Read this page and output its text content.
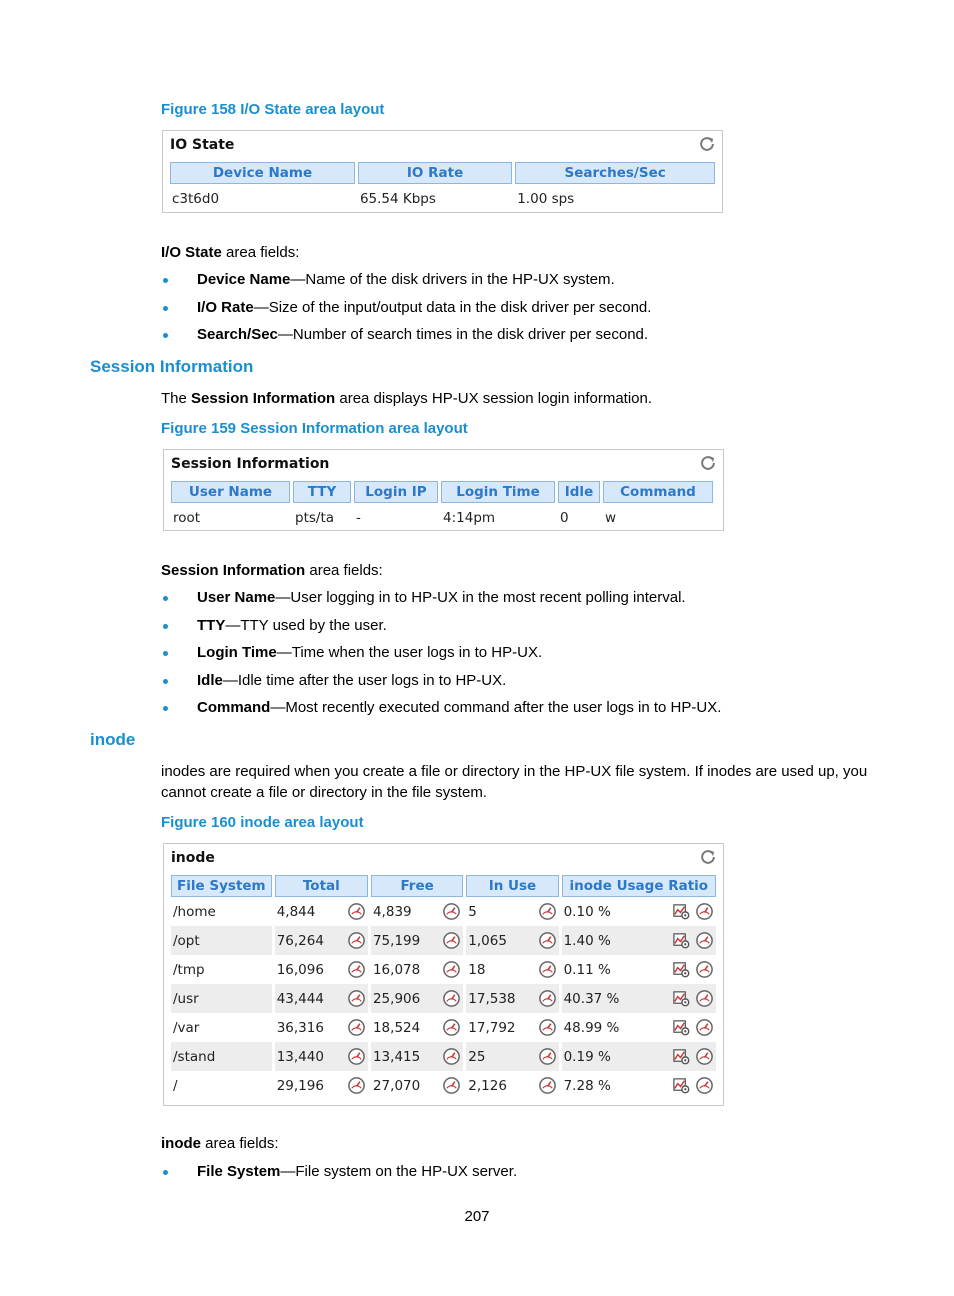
Figure 158 I/O State area layout
IO State
Device Name	IO Rate	Searches/Sec
c3t6d0	65.54 Kbps	1.00 sps
I/O State area fields:
Device Name—Name of the disk drivers in the HP-UX system.
I/O Rate—Size of the input/output data in the disk driver per second.
Search/Sec—Number of search times in the disk driver per second.
Session Information
The Session Information area displays HP-UX session login information.
Figure 159 Session Information area layout
Session Information
User Name	TTY	Login IP	Login Time	Idle	Command
root	pts/ta	-	4:14pm	0	w
Session Information area fields:
User Name—User logging in to HP-UX in the most recent polling interval.
TTY—TTY used by the user.
Login Time—Time when the user logs in to HP-UX.
Idle—Idle time after the user logs in to HP-UX.
Command—Most recently executed command after the user logs in to HP-UX.
inode
inodes are required when you create a file or directory in the HP-UX file system. If inodes are used up, you
cannot create a file or directory in the file system.
Figure 160 inode area layout
inode
File System	Total	Free	In Use	inode Usage Ratio
/home	4,844	4,839	5	0.10 %

/opt	76,264	75,199	1,065	1.40 %

/tmp	16,096	16,078	18	0.11 %

/usr	43,444	25,906	17,538	40.37 %

/var	36,316	18,524	17,792	48.99 %

/stand	13,440	13,415	25	0.19 %

/	29,196	27,070	2,126	7.28 %

inode area fields:
File System—File system on the HP-UX server.
207
